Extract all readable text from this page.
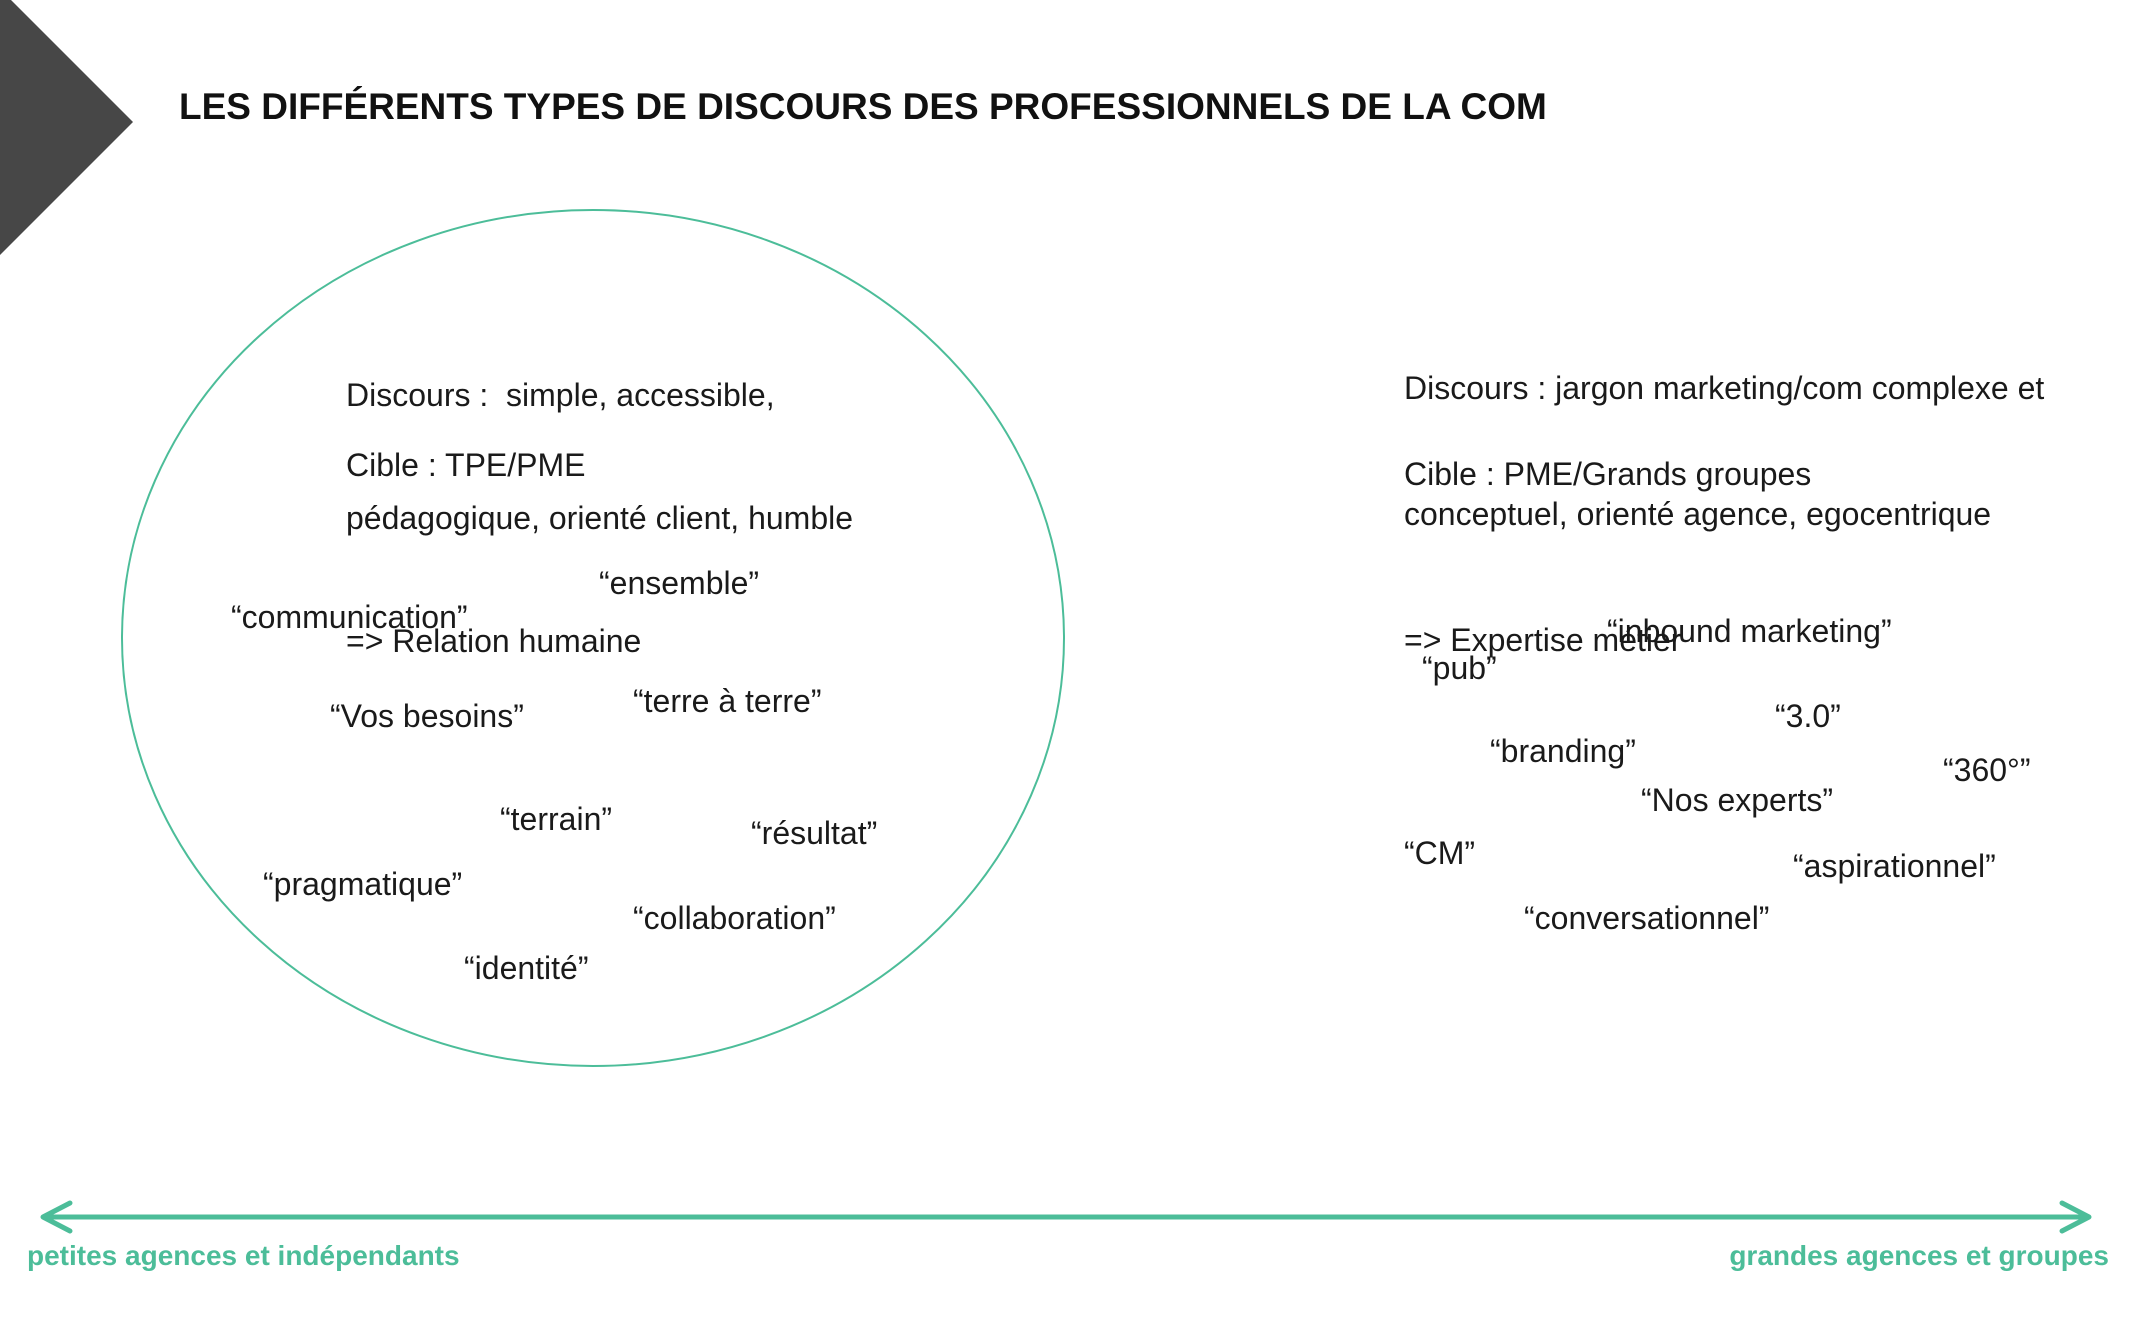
LES DIFFÉRENTS TYPES DE DISCOURS DES PROFESSIONNELS DE LA COM

Discours :  simple, accessible,

pédagogique, orienté client, humble

=> Relation humaine

Cible : TPE/PME
“ensemble”
“communication”
“Vos besoins”	“terre à terre”
“terrain”	“résultat”
“pragmatique”
“collaboration”
“identité”

Discours : jargon marketing/com complexe et

conceptuel, orienté agence, egocentrique

=> Expertise métier

Cible : PME/Grands groupes
“inbound marketing”
“pub”
“3.0”
“branding”
“360°”
“Nos experts”
“CM”	“aspirationnel”
“conversationnel”
petites agences et indépendants	grandes agences et groupes
